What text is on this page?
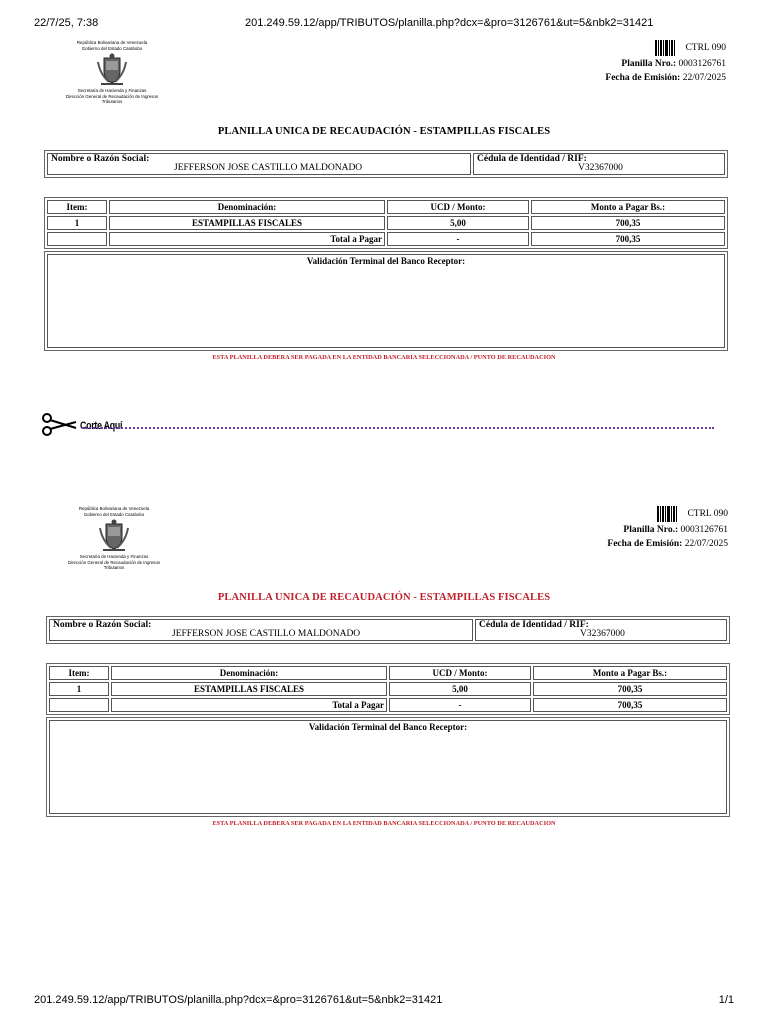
22/7/25, 7:38	201.249.59.12/app/TRIBUTOS/planilla.php?dcx=&pro=3126761&ut=5&nbk2=31421
República Bolivariana de Venezuela
Gobierno del Estado Carabobo
Secretaría de Hacienda y Finanzas
Dirección General de Recaudación de Ingresos
Tributarios
CTRL 090
Planilla Nro.: 0003126761
Fecha de Emisión: 22/07/2025
PLANILLA UNICA DE RECAUDACIÓN - ESTAMPILLAS FISCALES
Nombre o Razón Social:
JEFFERSON JOSE CASTILLO MALDONADO
Cédula de Identidad / RIF:
V32367000
Item:	Denominación:	UCD / Monto:	Monto a Pagar Bs.:
1	ESTAMPILLAS FISCALES	5,00	700,35
	Total a Pagar	-	700,35
Validación Terminal del Banco Receptor:
ESTA PLANILLA DEBERA SER PAGADA EN LA ENTIDAD BANCARIA SELECCIONADA / PUNTO DE RECAUDACION
Corte Aquí
República Bolivariana de Venezuela
Gobierno del Estado Carabobo
Secretaría de Hacienda y Finanzas
Dirección General de Recaudación de Ingresos
Tributarios
CTRL 090
Planilla Nro.: 0003126761
Fecha de Emisión: 22/07/2025
PLANILLA UNICA DE RECAUDACIÓN - ESTAMPILLAS FISCALES
Nombre o Razón Social:
JEFFERSON JOSE CASTILLO MALDONADO
Cédula de Identidad / RIF:
V32367000
Item:	Denominación:	UCD / Monto:	Monto a Pagar Bs.:
1	ESTAMPILLAS FISCALES	5,00	700,35
	Total a Pagar	-	700,35
Validación Terminal del Banco Receptor:
ESTA PLANILLA DEBERA SER PAGADA EN LA ENTIDAD BANCARIA SELECCIONADA / PUNTO DE RECAUDACION
201.249.59.12/app/TRIBUTOS/planilla.php?dcx=&pro=3126761&ut=5&nbk2=31421	1/1
